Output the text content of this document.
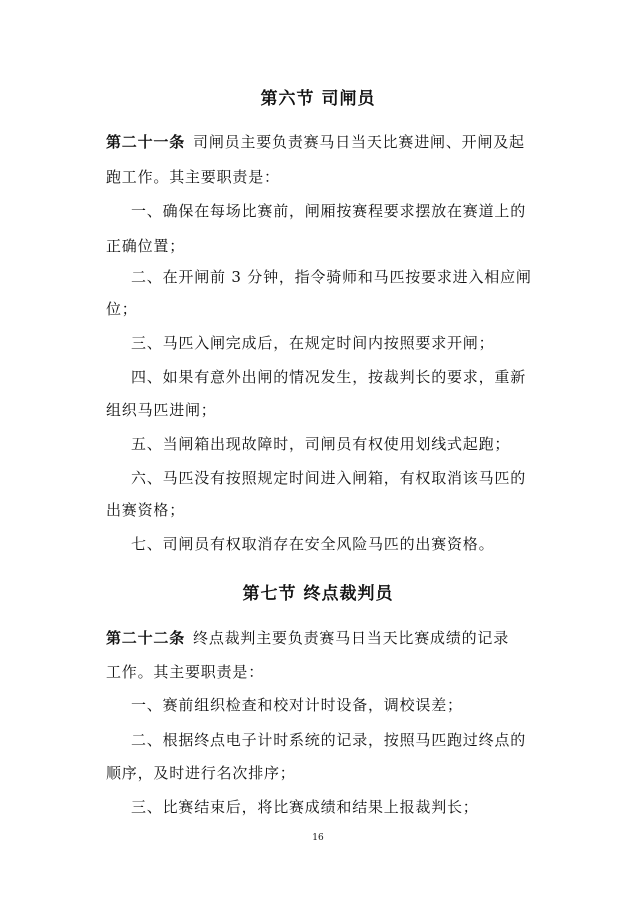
第六节 司闸员
第二十一条 司闸员主要负责赛马日当天比赛进闸、开闸及起
跑工作。其主要职责是：
一、确保在每场比赛前，闸厢按赛程要求摆放在赛道上的
正确位置；
二、在开闸前 3 分钟，指令骑师和马匹按要求进入相应闸
位；
三、马匹入闸完成后，在规定时间内按照要求开闸；
四、如果有意外出闸的情况发生，按裁判长的要求，重新
组织马匹进闸；
五、当闸箱出现故障时，司闸员有权使用划线式起跑；
六、马匹没有按照规定时间进入闸箱，有权取消该马匹的
出赛资格；
七、司闸员有权取消存在安全风险马匹的出赛资格。
第七节 终点裁判员
第二十二条 终点裁判主要负责赛马日当天比赛成绩的记录
工作。其主要职责是：
一、赛前组织检查和校对计时设备，调校误差；
二、根据终点电子计时系统的记录，按照马匹跑过终点的
顺序，及时进行名次排序；
三、比赛结束后，将比赛成绩和结果上报裁判长；
16
